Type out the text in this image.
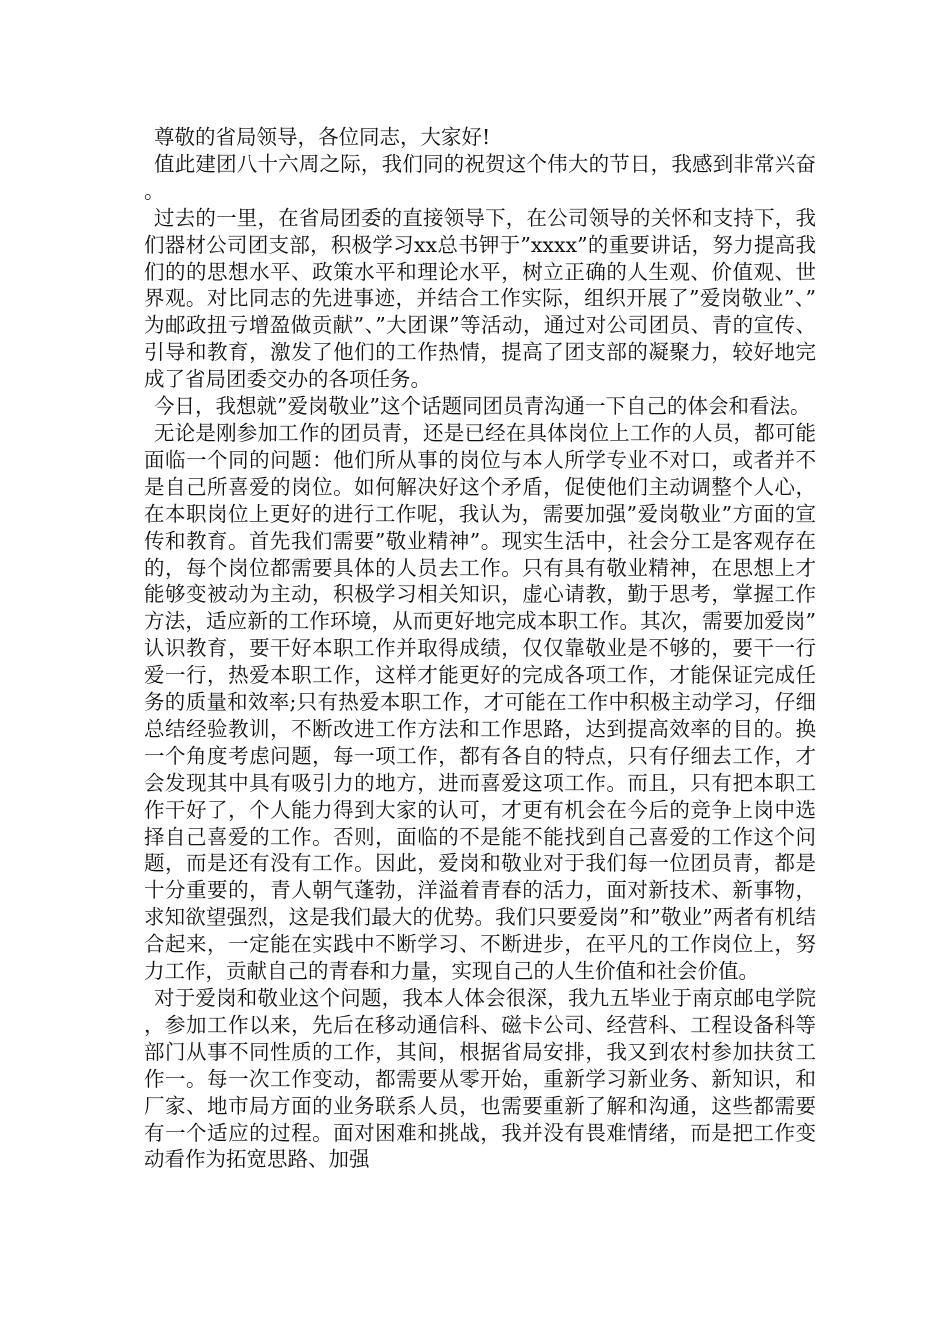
尊敬的省局领导，各位同志，大家好!

值此建团八十六周之际，我们同的祝贺这个伟大的节日，我感到非常兴奋。

过去的一里，在省局团委的直接领导下，在公司领导的关怀和支持下，我们器材公司团支部，积极学习xx总书钾于”xxxx”的重要讲话，努力提高我们的的思想水平、政策水平和理论水平，树立正确的人生观、价值观、世界观。对比同志的先进事迹，并结合工作实际，组织开展了”爱岗敬业”、”为邮政扭亏增盈做贡献”、”大团课”等活动，通过对公司团员、青的宣传、引导和教育，激发了他们的工作热情，提高了团支部的凝聚力，较好地完成了省局团委交办的各项任务。

今日，我想就”爱岗敬业”这个话题同团员青沟通一下自己的体会和看法。

无论是刚参加工作的团员青，还是已经在具体岗位上工作的人员，都可能面临一个同的问题：他们所从事的岗位与本人所学专业不对口，或者并不是自己所喜爱的岗位。如何解决好这个矛盾，促使他们主动调整个人心，在本职岗位上更好的进行工作呢，我认为，需要加强”爱岗敬业”方面的宣传和教育。首先我们需要”敬业精神”。现实生活中，社会分工是客观存在的，每个岗位都需要具体的人员去工作。只有具有敬业精神，在思想上才能够变被动为主动，积极学习相关知识，虚心请教，勤于思考，掌握工作方法，适应新的工作环境，从而更好地完成本职工作。其次，需要加爱岗”认识教育，要干好本职工作并取得成绩，仅仅靠敬业是不够的，要干一行爱一行，热爱本职工作，这样才能更好的完成各项工作，才能保证完成任务的质量和效率;只有热爱本职工作，才可能在工作中积极主动学习，仔细总结经验教训，不断改进工作方法和工作思路，达到提高效率的目的。换一个角度考虑问题，每一项工作，都有各自的特点，只有仔细去工作，才会发现其中具有吸引力的地方，进而喜爱这项工作。而且，只有把本职工作干好了，个人能力得到大家的认可，才更有机会在今后的竞争上岗中选择自己喜爱的工作。否则，面临的不是能不能找到自己喜爱的工作这个问题，而是还有没有工作。因此，爱岗和敬业对于我们每一位团员青，都是十分重要的，青人朝气蓬勃，洋溢着青春的活力，面对新技术、新事物，求知欲望强烈，这是我们最大的优势。我们只要爱岗”和”敬业”两者有机结合起来，一定能在实践中不断学习、不断进步，在平凡的工作岗位上，努力工作，贡献自己的青春和力量，实现自己的人生价值和社会价值。

对于爱岗和敬业这个问题，我本人体会很深，我九五毕业于南京邮电学院，参加工作以来，先后在移动通信科、磁卡公司、经营科、工程设备科等部门从事不同性质的工作，其间，根据省局安排，我又到农村参加扶贫工作一。每一次工作变动，都需要从零开始，重新学习新业务、新知识，和厂家、地市局方面的业务联系人员，也需要重新了解和沟通，这些都需要有一个适应的过程。面对困难和挑战，我并没有畏难情绪，而是把工作变动看作为拓宽思路、加强
